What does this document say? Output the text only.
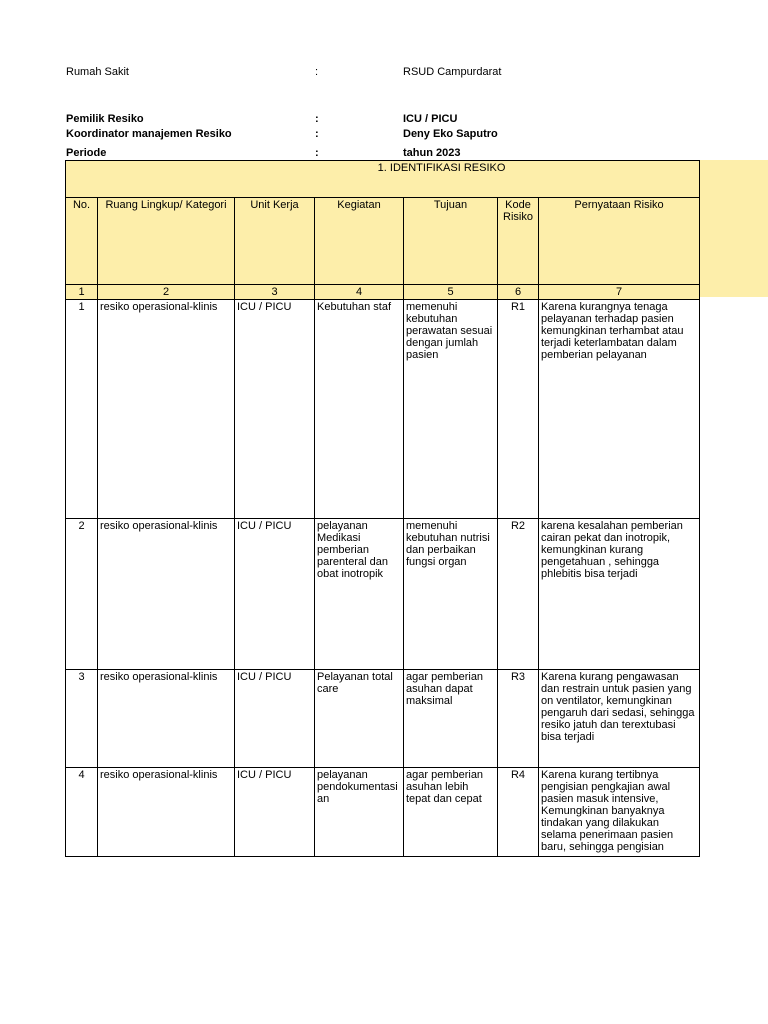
Rumah Sakit	:	RSUD Campurdarat
Pemilik Resiko	:	ICU / PICU
Koordinator manajemen Resiko	:	Deny Eko Saputro
Periode	:	tahun 2023
1. IDENTIFIKASI RESIKO						
No.	Ruang Lingkup/ Kategori	Unit Kerja	Kegiatan	Tujuan	Kode Risiko	Pernyataan Risiko
1	2	3	4	5	6	7
1	resiko operasional-klinis	ICU / PICU	Kebutuhan staf	memenuhi kebutuhan perawatan sesuai dengan jumlah pasien	R1	Karena kurangnya tenaga pelayanan terhadap pasien kemungkinan terhambat atau terjadi keterlambatan dalam pemberian pelayanan
2	resiko operasional-klinis	ICU / PICU	pelayanan Medikasi pemberian parenteral dan obat inotropik	memenuhi kebutuhan nutrisi dan perbaikan fungsi organ	R2	karena kesalahan pemberian cairan pekat dan inotropik, kemungkinan kurang pengetahuan , sehingga phlebitis bisa terjadi
3	resiko operasional-klinis	ICU / PICU	Pelayanan total care	agar pemberian asuhan dapat maksimal	R3	Karena kurang pengawasan dan restrain untuk pasien yang on ventilator, kemungkinan pengaruh dari sedasi, sehingga resiko jatuh dan terextubasi bisa terjadi

4	resiko operasional-klinis	ICU / PICU	pelayanan pendokumentasian	agar pemberian asuhan lebih tepat dan cepat	R4	Karena kurang tertibnya pengisian pengkajian awal pasien masuk intensive, Kemungkinan banyaknya tindakan yang dilakukan selama penerimaan pasien baru, sehingga pengisian
